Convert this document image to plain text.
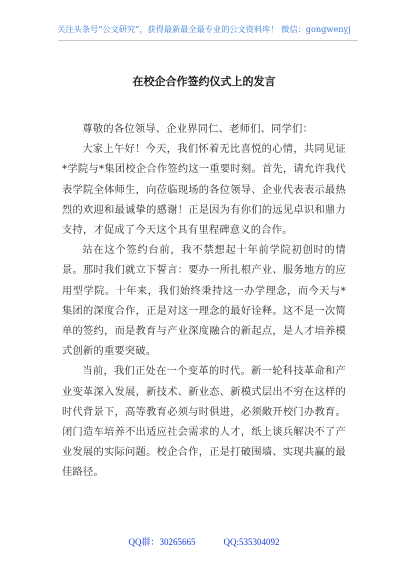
关注头条号“公文研究”，获得最新最全最专业的公文资料库！ 微信：gongwenyj
在校企合作签约仪式上的发言

尊敬的各位领导、企业界同仁、老师们、同学们：

大家上午好！今天，我们怀着无比喜悦的心情，共同见证*学院与*集团校企合作签约这一重要时刻。首先，请允许我代表学院全体师生，向莅临现场的各位领导、企业代表表示最热烈的欢迎和最诚挚的感谢！正是因为有你们的远见卓识和鼎力支持，才促成了今天这个具有里程碑意义的合作。

站在这个签约台前，我不禁想起十年前学院初创时的情景。那时我们就立下誓言：要办一所扎根产业、服务地方的应用型学院。十年来，我们始终秉持这一办学理念，而今天与*集团的深度合作，正是对这一理念的最好诠释。这不是一次简单的签约，而是教育与产业深度融合的新起点，是人才培养模式创新的重要突破。

当前，我们正处在一个变革的时代。新一轮科技革命和产业变革深入发展，新技术、新业态、新模式层出不穷在这样的时代背景下，高等教育必须与时俱进，必须敞开校门办教育。闭门造车培养不出适应社会需求的人才，纸上谈兵解决不了产业发展的实际问题。校企合作，正是打破围墙、实现共赢的最佳路径。

QQ群：30265665	QQ:535304092
